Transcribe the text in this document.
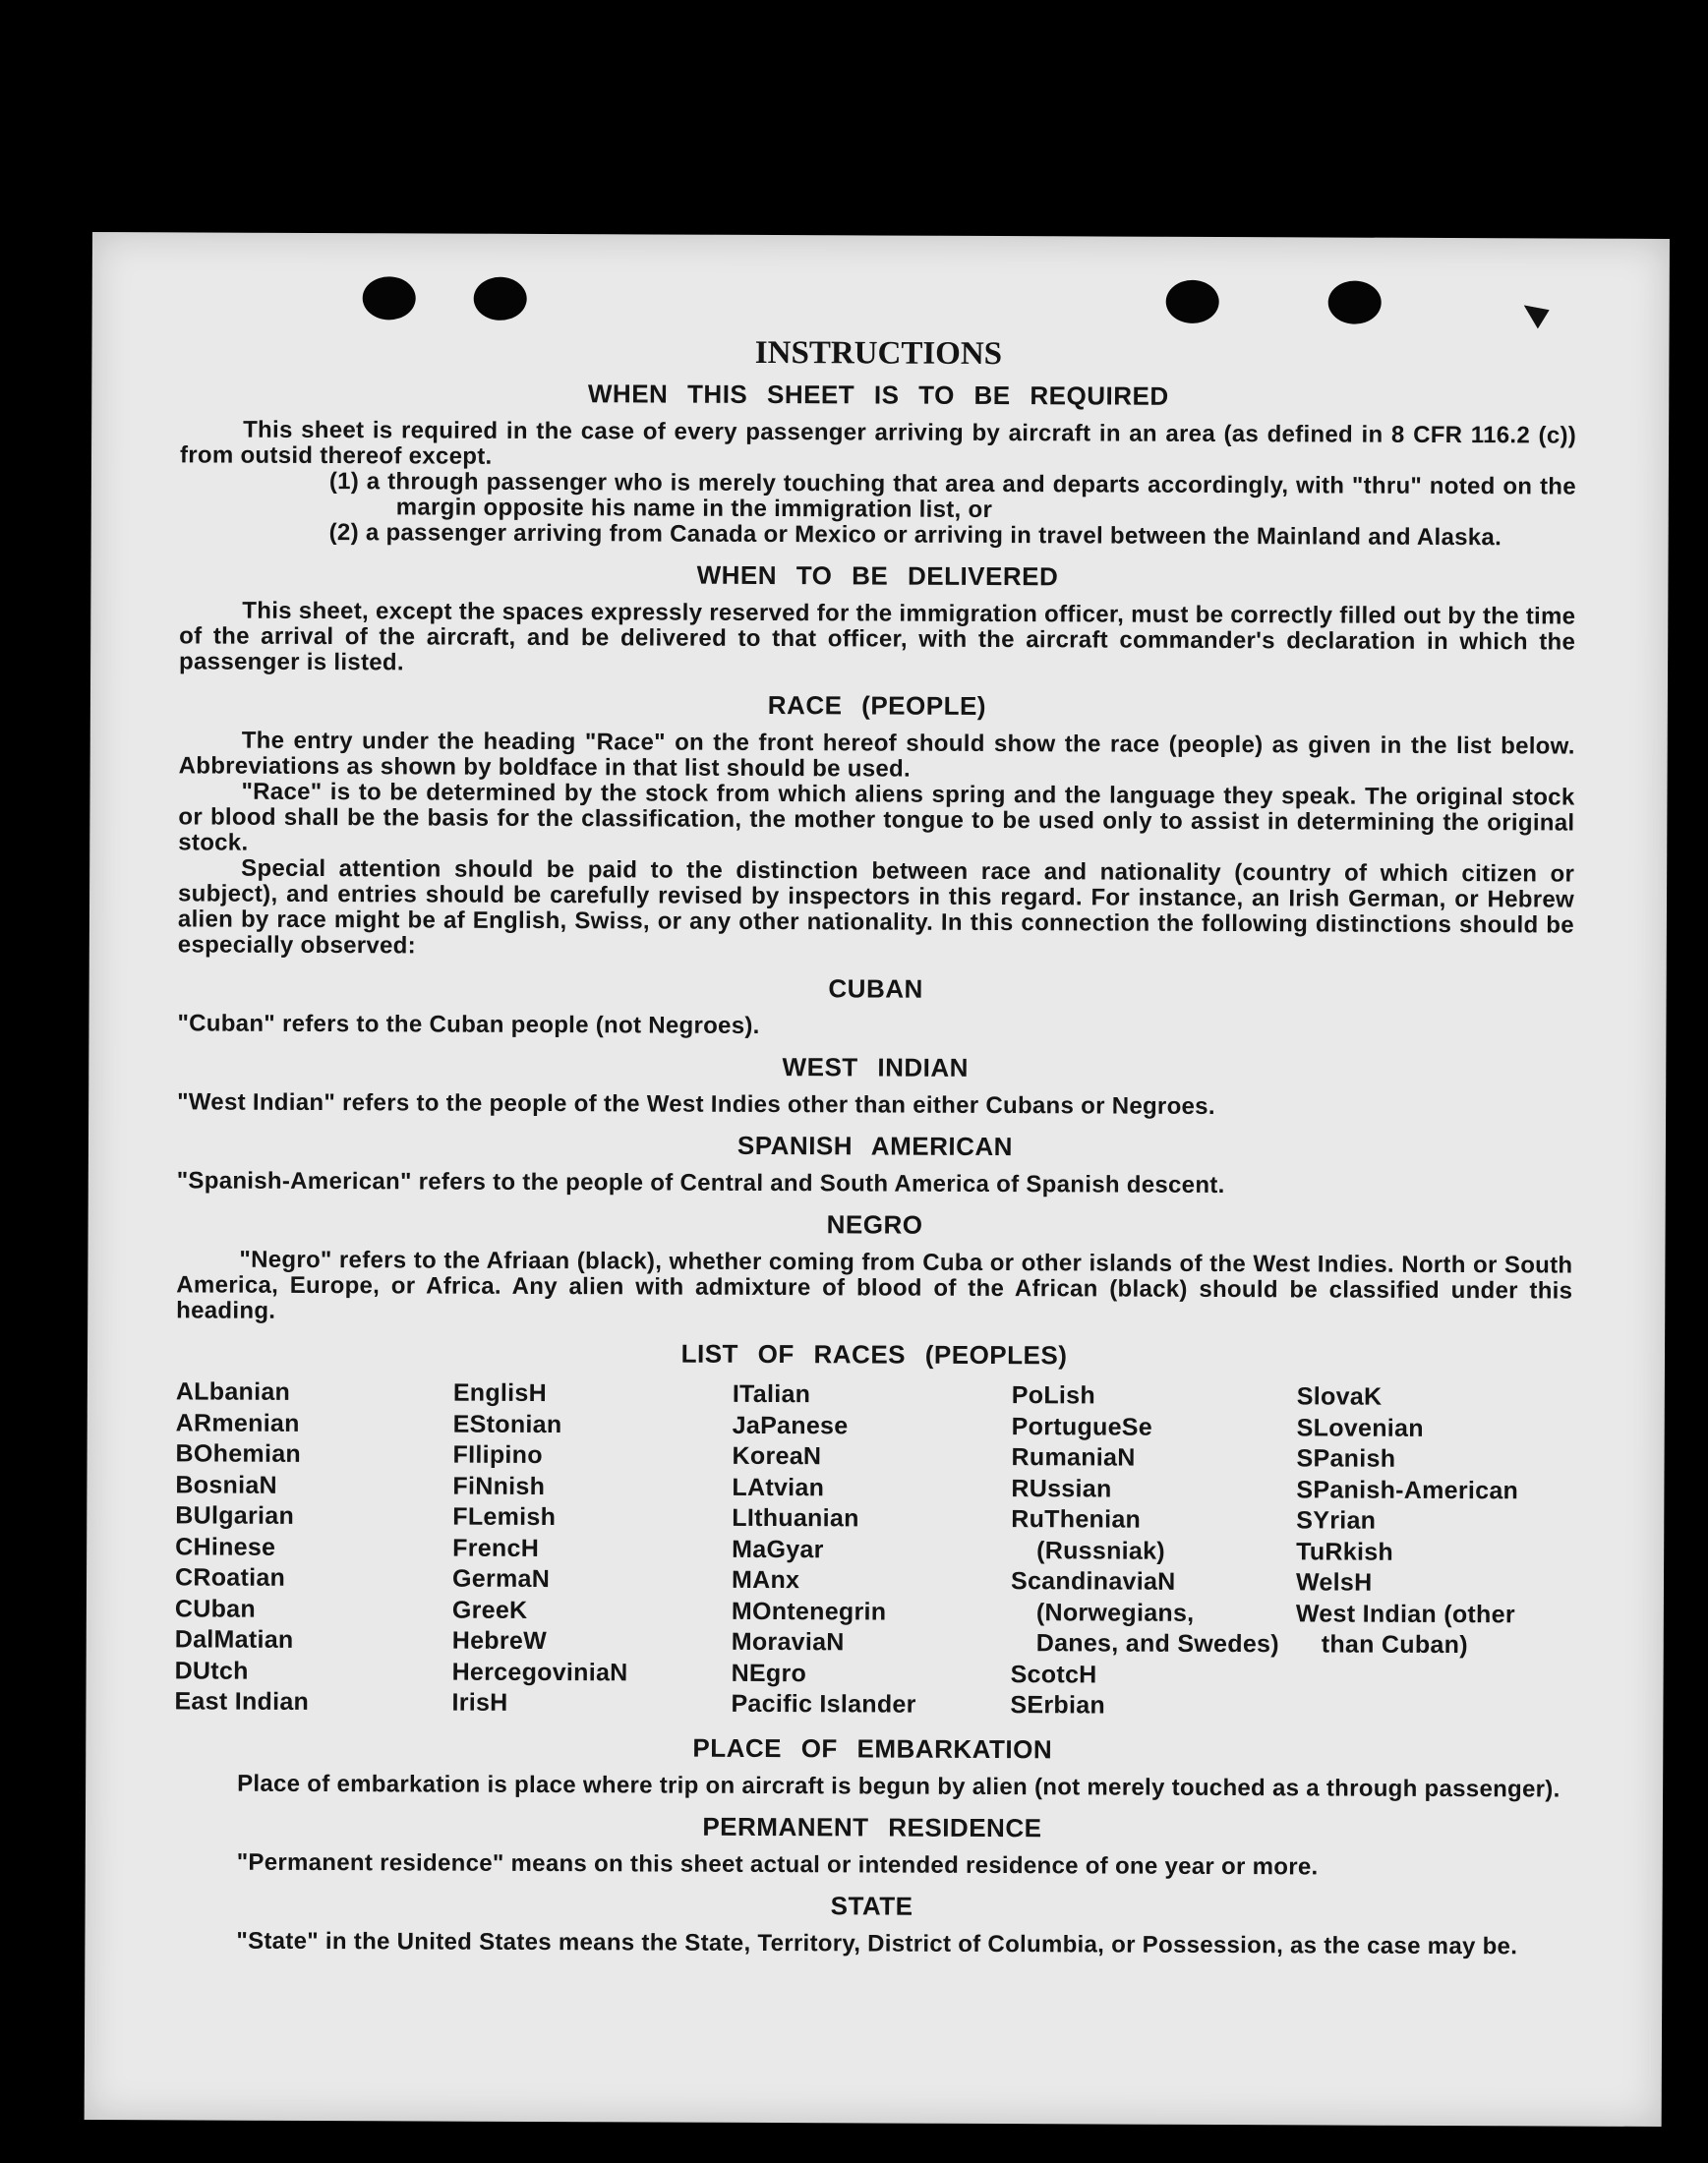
INSTRUCTIONS
WHEN THIS SHEET IS TO BE REQUIRED

This sheet is required in the case of every passenger arriving by aircraft in an area (as defined in 8 CFR 116.2 (c)) from outsid thereof except.

(1) a through passenger who is merely touching that area and departs accordingly, with "thru" noted on the margin opposite his name in the immigration list, or

(2) a passenger arriving from Canada or Mexico or arriving in travel between the Mainland and Alaska.

WHEN TO BE DELIVERED

This sheet, except the spaces expressly reserved for the immigration officer, must be correctly filled out by the time of the arrival of the aircraft, and be delivered to that officer, with the aircraft commander's declaration in which the passenger is listed.

RACE (PEOPLE)

The entry under the heading "Race" on the front hereof should show the race (people) as given in the list below. Abbreviations as shown by boldface in that list should be used.

"Race" is to be determined by the stock from which aliens spring and the language they speak. The original stock or blood shall be the basis for the classification, the mother tongue to be used only to assist in determining the original stock.

Special attention should be paid to the distinction between race and nationality (country of which citizen or subject), and entries should be carefully revised by inspectors in this regard. For instance, an Irish German, or Hebrew alien by race might be af English, Swiss, or any other nationality. In this connection the following distinctions should be especially observed:

CUBAN

"Cuban" refers to the Cuban people (not Negroes).

WEST INDIAN

"West Indian" refers to the people of the West Indies other than either Cubans or Negroes.

SPANISH AMERICAN

"Spanish-American" refers to the people of Central and South America of Spanish descent.

NEGRO

"Negro" refers to the Afriaan (black), whether coming from Cuba or other islands of the West Indies. North or South America, Europe, or Africa. Any alien with admixture of blood of the African (black) should be classified under this heading.

LIST OF RACES (PEOPLES)
ALbanian
ARmenian
BOhemian
BosniaN
BUlgarian
CHinese
CRoatian
CUban
DalMatian
DUtch
East Indian
EnglisH
EStonian
FIlipino
FiNnish
FLemish
FrencH
GermaN
GreeK
HebreW
HercegoviniaN
IrisH
ITalian
JaPanese
KoreaN
LAtvian
LIthuanian
MaGyar
MAnx
MOntenegrin
MoraviaN
NEgro
Pacific Islander
PoLish
PortugueSe
RumaniaN
RUssian
RuThenian (Russniak)
ScandinaviaN (Norwegians, Danes, and Swedes)
ScotcH
SErbian
SlovaK
SLovenian
SPanish
SPanish-American
SYrian
TuRkish
WelsH
West Indian (other than Cuban)
PLACE OF EMBARKATION

Place of embarkation is place where trip on aircraft is begun by alien (not merely touched as a through passenger).

PERMANENT RESIDENCE

"Permanent residence" means on this sheet actual or intended residence of one year or more.

STATE

"State" in the United States means the State, Territory, District of Columbia, or Possession, as the case may be.
